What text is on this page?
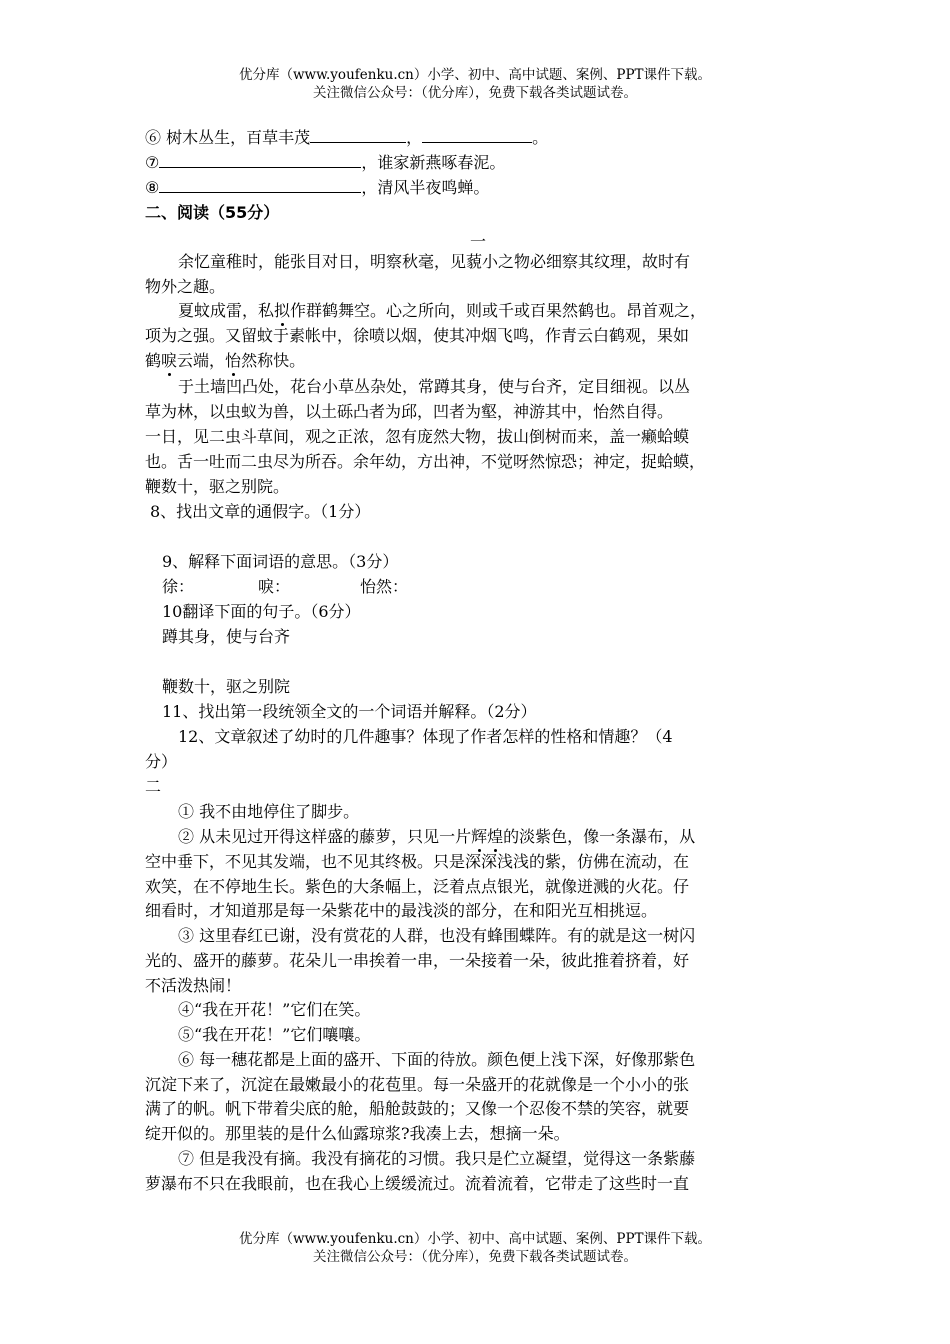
优分库（www.youfenku.cn）小学、初中、高中试题、案例、PPT课件下载。
关注微信公众号：（优分库），免费下载各类试题试卷。
⑥ 树木丛生，百草丰茂	，	。
⑦	，谁家新燕啄春泥。
⑧	，清风半夜鸣蝉。
二、阅读（55分）
一
余忆童稚时，能张目对日，明察秋毫，见藐小之物必细察其纹理，故时有
物外之趣。
夏蚊成雷，私拟作群鹤舞空。心之所向，则或千或百果然鹤也。昂首观之，
项为之强。又留蚊于素帐中，徐喷以烟，使其冲烟飞鸣，作青云白鹤观，果如
鹤唳云端，怡然称快。
于土墙凹凸处，花台小草丛杂处，常蹲其身，使与台齐，定目细视。以丛
草为林，以虫蚁为兽，以土砾凸者为邱，凹者为壑，神游其中，怡然自得。
一日，见二虫斗草间，观之正浓，忽有庞然大物，拔山倒树而来，盖一癞蛤蟆
也。舌一吐而二虫尽为所吞。余年幼，方出神，不觉呀然惊恐；神定，捉蛤蟆，
鞭数十，驱之别院。
8、找出文章的通假字。（1分）
9、解释下面词语的意思。（3分）
徐：	唳：	怡然：
10翻译下面的句子。（6分）
蹲其身，使与台齐
鞭数十，驱之别院
11、找出第一段统领全文的一个词语并解释。（2分）
12、文章叙述了幼时的几件趣事？体现了作者怎样的性格和情趣？（4
分）
二
① 我不由地停住了脚步。
② 从未见过开得这样盛的藤萝，只见一片辉煌的淡紫色，像一条瀑布，从
空中垂下，不见其发端，也不见其终极。只是深深浅浅的紫，仿佛在流动，在
欢笑，在不停地生长。紫色的大条幅上，泛着点点银光，就像迸溅的火花。仔
细看时，才知道那是每一朵紫花中的最浅淡的部分，在和阳光互相挑逗。
③ 这里春红已谢，没有赏花的人群，也没有蜂围蝶阵。有的就是这一树闪
光的、盛开的藤萝。花朵儿一串挨着一串，一朵接着一朵，彼此推着挤着，好
不活泼热闹！
④“我在开花！”它们在笑。
⑤“我在开花！”它们嚷嚷。
⑥ 每一穗花都是上面的盛开、下面的待放。颜色便上浅下深，好像那紫色
沉淀下来了，沉淀在最嫩最小的花苞里。每一朵盛开的花就像是一个小小的张
满了的帆。帆下带着尖底的舱，船舱鼓鼓的；又像一个忍俊不禁的笑容，就要
绽开似的。那里装的是什么仙露琼浆?我凑上去，想摘一朵。
⑦ 但是我没有摘。我没有摘花的习惯。我只是伫立凝望，觉得这一条紫藤
萝瀑布不只在我眼前，也在我心上缓缓流过。流着流着，它带走了这些时一直
优分库（www.youfenku.cn）小学、初中、高中试题、案例、PPT课件下载。
关注微信公众号：（优分库），免费下载各类试题试卷。
